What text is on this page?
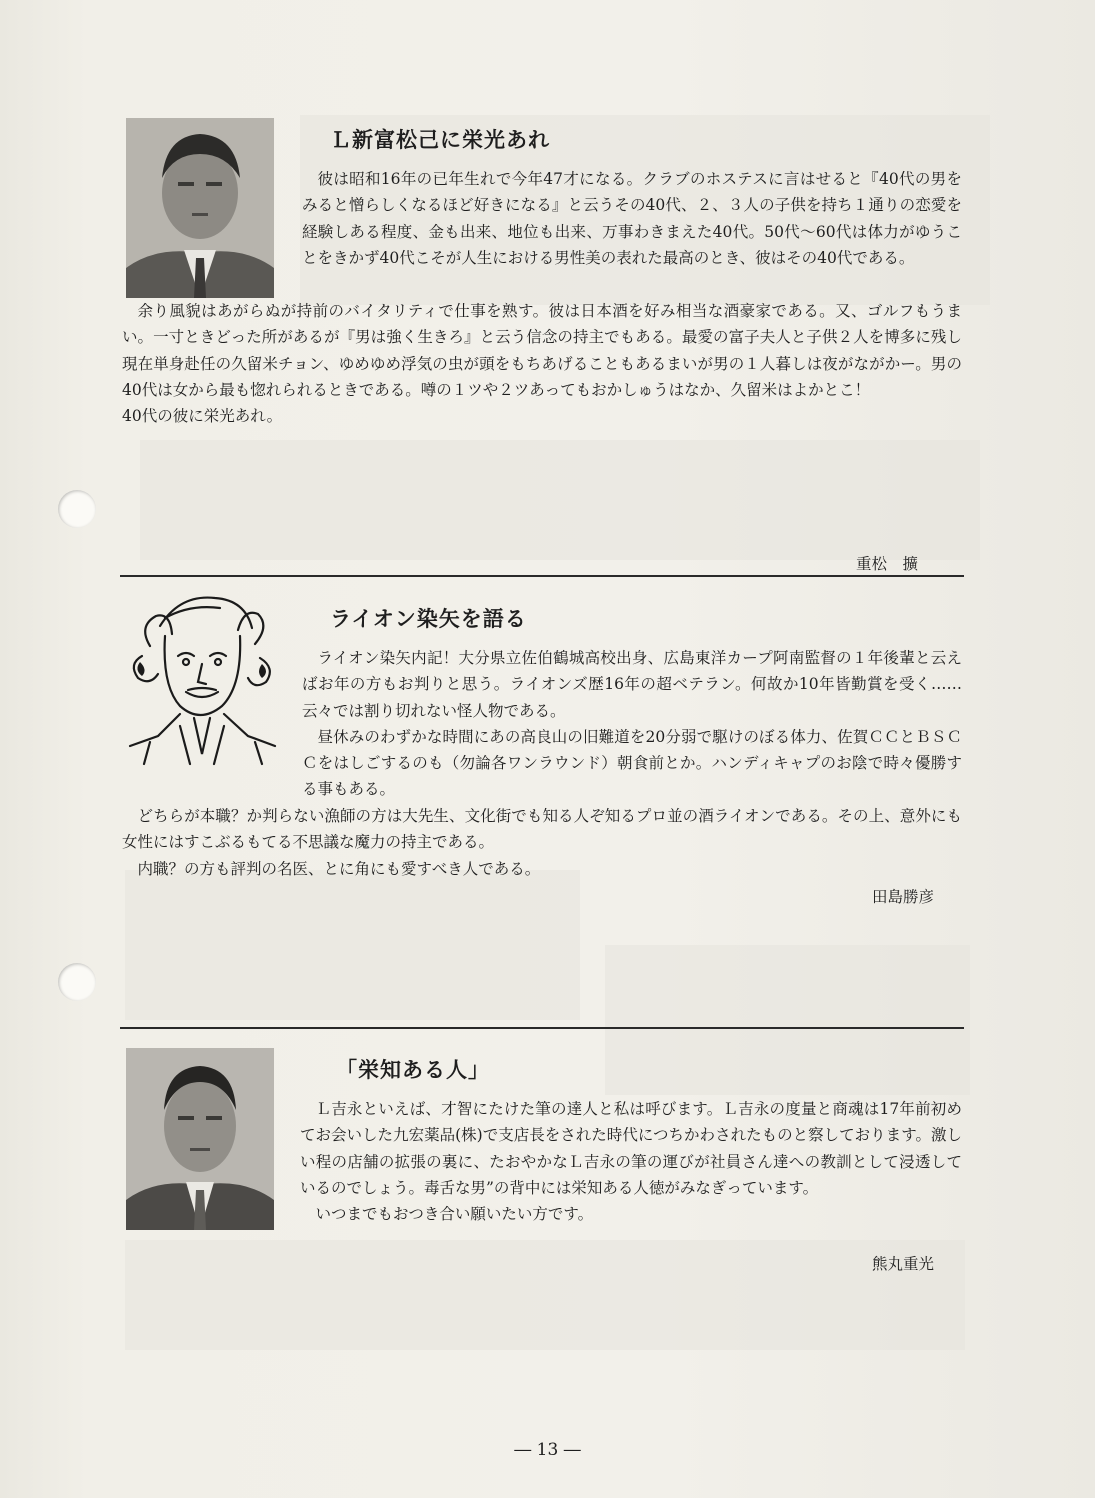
Ｌ新富松己に栄光あれ

彼は昭和16年の已年生れで今年47才になる。クラブのホステスに言はせると『40代の男をみると憎らしくなるほど好きになる』と云うその40代、２、３人の子供を持ち１通りの恋愛を経験しある程度、金も出来、地位も出来、万事わきまえた40代。50代～60代は体力がゆうことをきかず40代こそが人生における男性美の表れた最高のとき、彼はその40代である。

余り風貌はあがらぬが持前のバイタリティで仕事を熟す。彼は日本酒を好み相当な酒豪家である。又、ゴルフもうまい。一寸ときどった所があるが『男は強く生きろ』と云う信念の持主でもある。最愛の富子夫人と子供２人を博多に残し現在単身赴任の久留米チョン、ゆめゆめ浮気の虫が頭をもちあげることもあるまいが男の１人暮しは夜がながかー。男の40代は女から最も惚れられるときである。噂の１ツや２ツあってもおかしゅうはなか、久留米はよかとこ！

40代の彼に栄光あれ。

重松　擴
ライオン染矢を語る

ライオン染矢内記！大分県立佐伯鶴城高校出身、広島東洋カープ阿南監督の１年後輩と云えばお年の方もお判りと思う。ライオンズ歴16年の超ベテラン。何故か10年皆勤賞を受く……云々では割り切れない怪人物である。

昼休みのわずかな時間にあの高良山の旧難道を20分弱で駆けのぼる体力、佐賀ＣＣとＢＳＣＣをはしごするのも（勿論各ワンラウンド）朝食前とか。ハンディキャプのお陰で時々優勝する事もある。

どちらが本職？か判らない漁師の方は大先生、文化街でも知る人ぞ知るプロ並の酒ライオンである。その上、意外にも女性にはすこぶるもてる不思議な魔力の持主である。

内職？の方も評判の名医、とに角にも愛すべき人である。

田島勝彦
「栄知ある人」

Ｌ吉永といえば、才智にたけた筆の達人と私は呼びます。Ｌ吉永の度量と商魂は17年前初めてお会いした九宏薬品(株)で支店長をされた時代につちかわされたものと察しております。激しい程の店舗の拡張の裏に、たおやかなＬ吉永の筆の運びが社員さん達への教訓として浸透しているのでしょう。毒舌な男”の背中には栄知ある人徳がみなぎっています。

いつまでもおつき合い願いたい方です。

熊丸重光
― 13 ―
